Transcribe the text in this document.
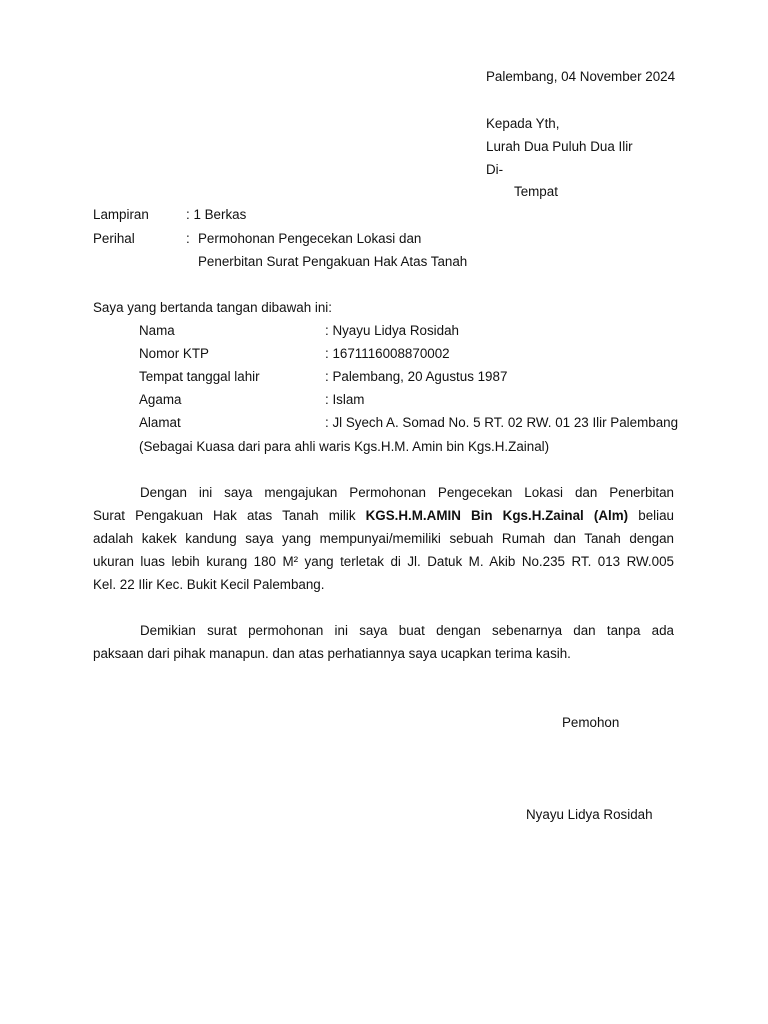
Palembang, 04 November 2024
Kepada Yth,
Lurah Dua Puluh Dua Ilir
Di-
Tempat
Lampiran	: 1 Berkas
Perihal	: Permohonan Pengecekan Lokasi dan
Penerbitan Surat Pengakuan Hak Atas Tanah
Saya yang bertanda tangan dibawah ini:
Nama	: Nyayu Lidya Rosidah
Nomor KTP	: 1671116008870002
Tempat tanggal lahir	: Palembang, 20 Agustus 1987
Agama	: Islam
Alamat	: Jl Syech A. Somad No. 5 RT. 02 RW. 01 23 Ilir Palembang
(Sebagai Kuasa dari para ahli waris Kgs.H.M. Amin bin Kgs.H.Zainal)
Dengan ini saya mengajukan Permohonan Pengecekan Lokasi dan Penerbitan
Surat Pengakuan Hak atas Tanah milik KGS.H.M.AMIN Bin Kgs.H.Zainal (Alm) beliau
adalah kakek kandung saya yang mempunyai/memiliki sebuah Rumah dan Tanah dengan
ukuran luas lebih kurang 180 M² yang terletak di Jl. Datuk M. Akib No.235 RT. 013 RW.005
Kel. 22 Ilir Kec. Bukit Kecil Palembang.
Demikian surat permohonan ini saya buat dengan sebenarnya dan tanpa ada
paksaan dari pihak manapun. dan atas perhatiannya saya ucapkan terima kasih.
Pemohon
Nyayu Lidya Rosidah
